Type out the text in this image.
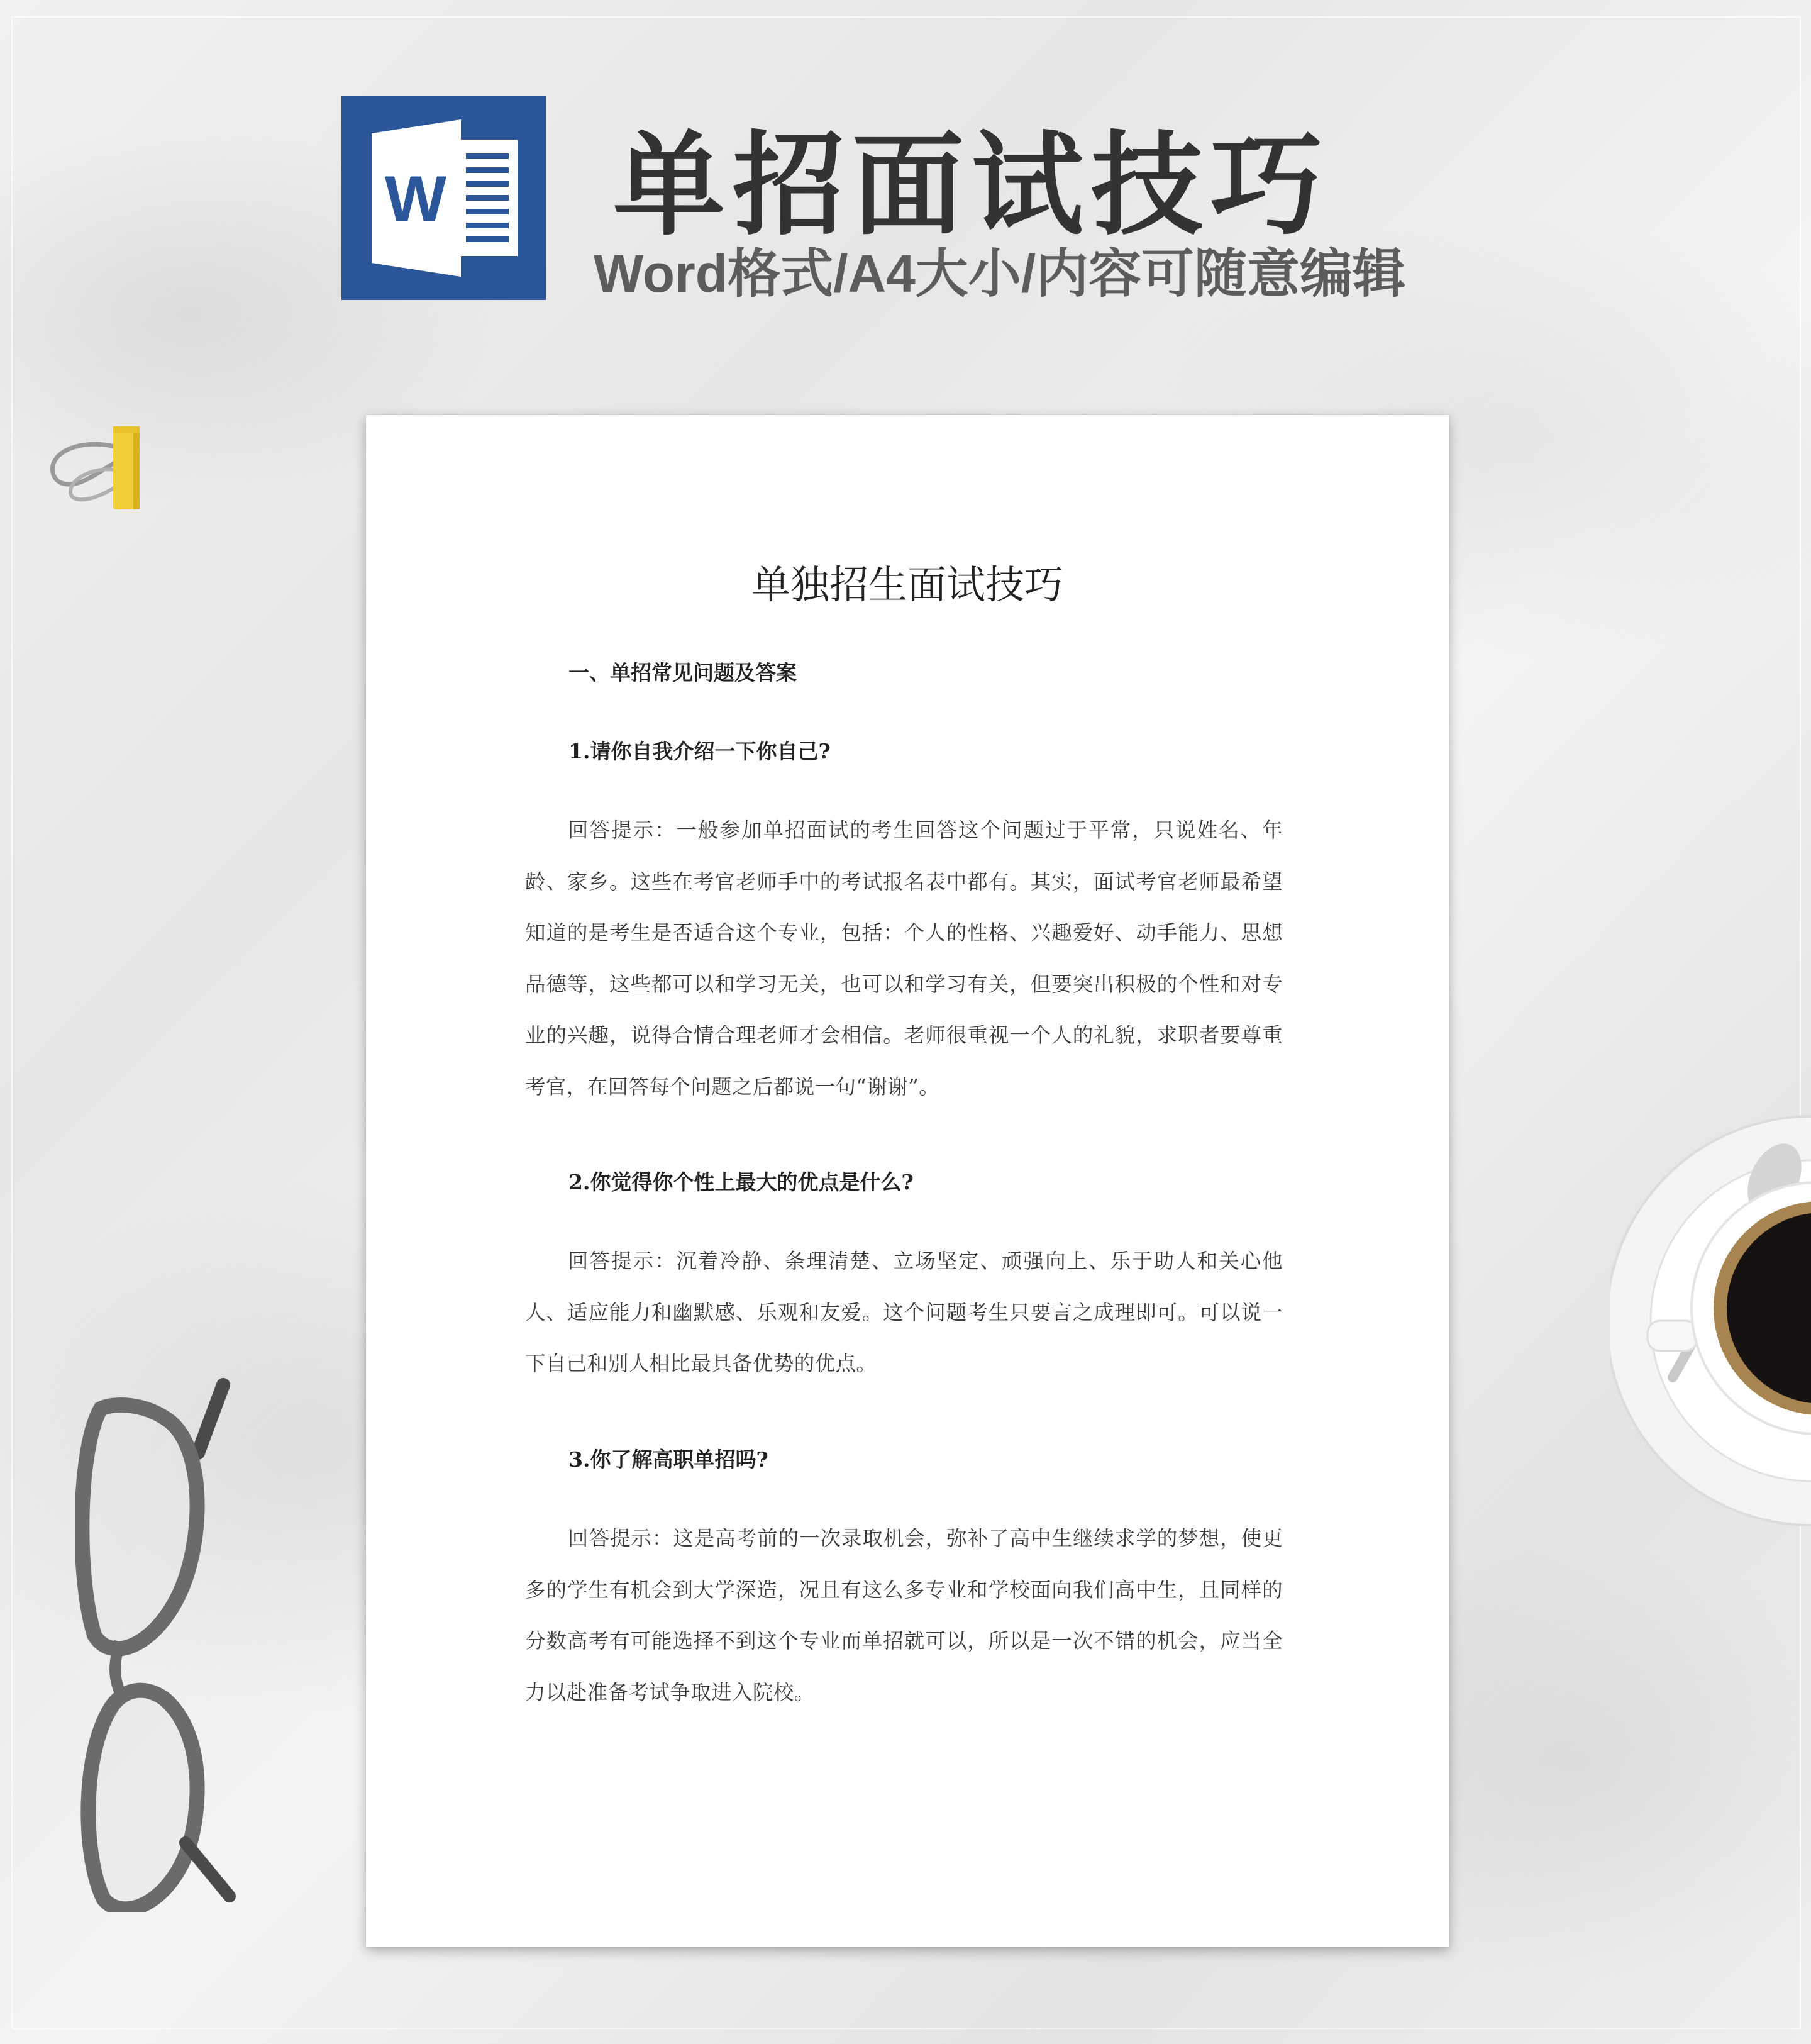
W 单招面试技巧
Word格式/A4大小/内容可随意编辑
单独招生面试技巧
一、单招常见问题及答案
1.请你自我介绍一下你自己?

回答提示：一般参加单招面试的考生回答这个问题过于平常，只说姓名、年龄、家乡。这些在考官老师手中的考试报名表中都有。其实，面试考官老师最希望知道的是考生是否适合这个专业，包括：个人的性格、兴趣爱好、动手能力、思想品德等，这些都可以和学习无关，也可以和学习有关，但要突出积极的个性和对专业的兴趣，说得合情合理老师才会相信。老师很重视一个人的礼貌，求职者要尊重考官，在回答每个问题之后都说一句“谢谢”。

2.你觉得你个性上最大的优点是什么?

回答提示：沉着冷静、条理清楚、立场坚定、顽强向上、乐于助人和关心他人、适应能力和幽默感、乐观和友爱。这个问题考生只要言之成理即可。可以说一下自己和别人相比最具备优势的优点。

3.你了解高职单招吗?

回答提示：这是高考前的一次录取机会，弥补了高中生继续求学的梦想，使更多的学生有机会到大学深造，况且有这么多专业和学校面向我们高中生，且同样的分数高考有可能选择不到这个专业而单招就可以，所以是一次不错的机会，应当全力以赴准备考试争取进入院校。
